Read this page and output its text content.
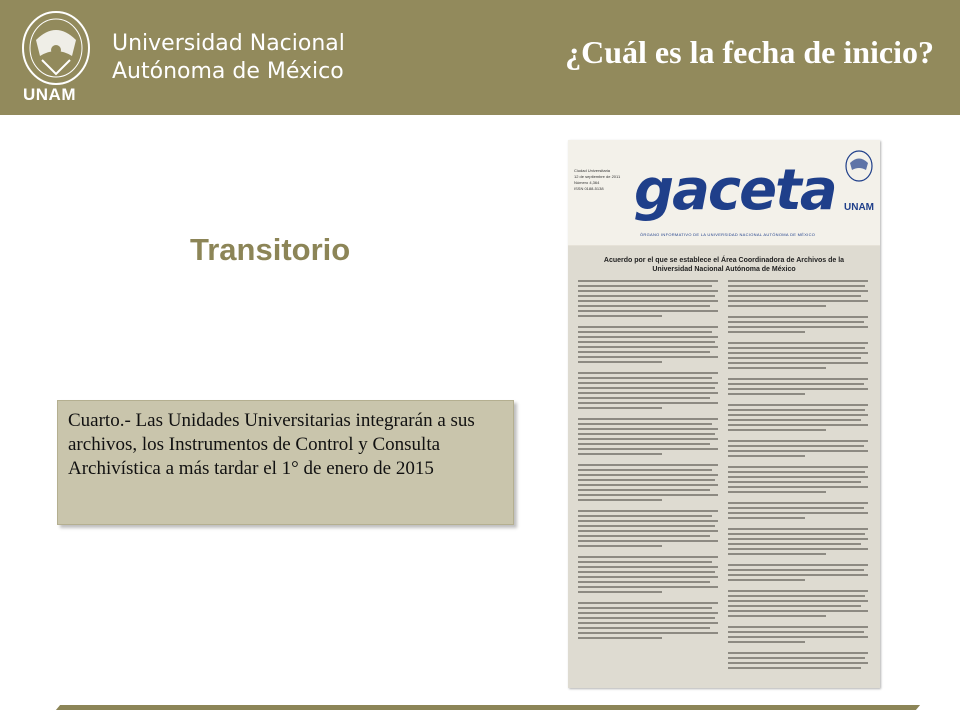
UNAM
Universidad Nacional
Autónoma de México
¿Cuál es la fecha de inicio?
Transitorio

Cuarto.- Las Unidades Universitarias integrarán a sus archivos, los Instrumentos de Control y Consulta Archivística a más tardar el 1° de enero de 2015

Ciudad Universitaria
12 de septiembre de 2011
Número 4,364
ISSN 0188-5138 gaceta UNAM
ÓRGANO INFORMATIVO DE LA UNIVERSIDAD NACIONAL AUTÓNOMA DE MÉXICO
Acuerdo por el que se establece el Área Coordinadora de Archivos de la Universidad Nacional Autónoma de México
